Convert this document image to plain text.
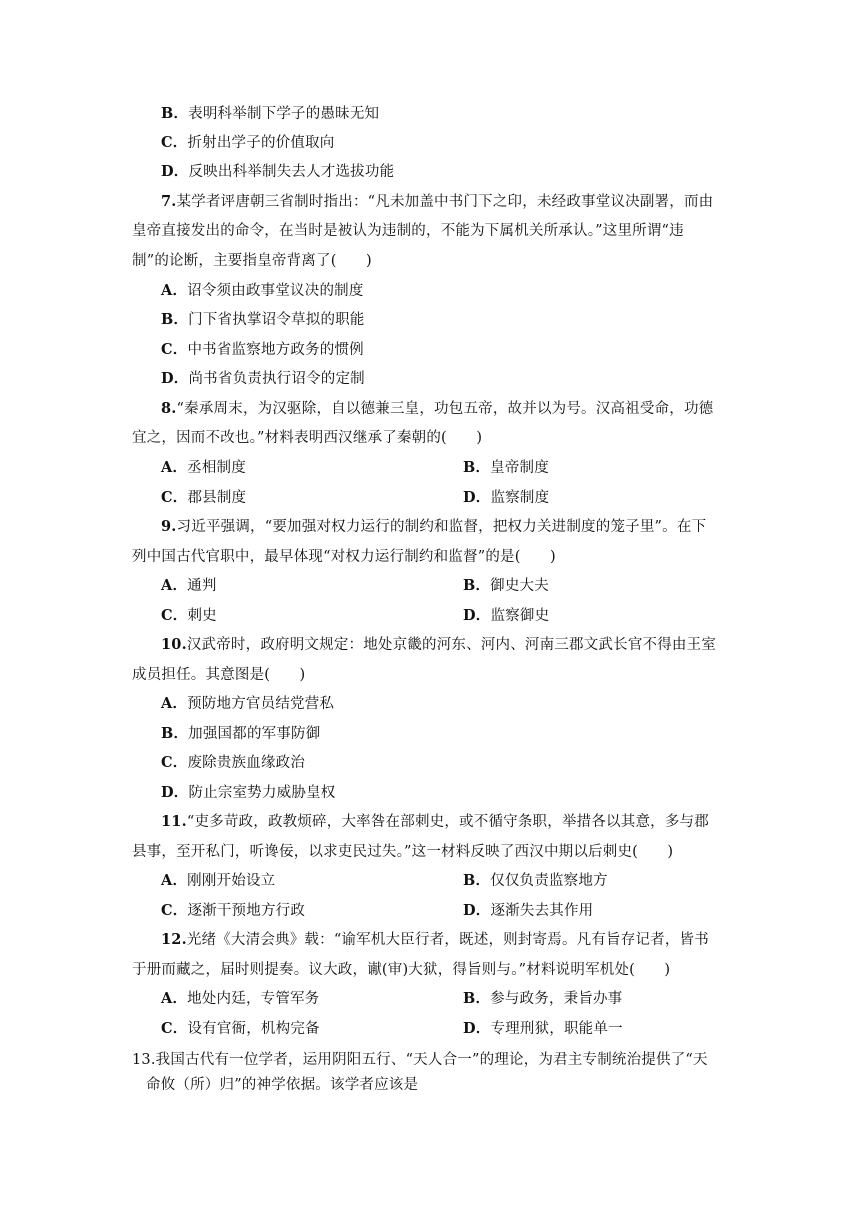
B．表明科举制下学子的愚昧无知
C．折射出学子的价值取向
D．反映出科举制失去人才选拔功能
7.某学者评唐朝三省制时指出：“凡未加盖中书门下之印，未经政事堂议决副署，而由
皇帝直接发出的命令，在当时是被认为违制的，不能为下属机关所承认。”这里所谓“违
制”的论断，主要指皇帝背离了(　　)
A．诏令须由政事堂议决的制度
B．门下省执掌诏令草拟的职能
C．中书省监察地方政务的惯例
D．尚书省负责执行诏令的定制
8.“秦承周末，为汉驱除，自以德兼三皇，功包五帝，故并以为号。汉高祖受命，功德
宜之，因而不改也。”材料表明西汉继承了秦朝的(　　)
A．丞相制度	B．皇帝制度
C．郡县制度	D．监察制度
9.习近平强调，“要加强对权力运行的制约和监督，把权力关进制度的笼子里”。在下
列中国古代官职中，最早体现“对权力运行制约和监督”的是(　　)
A．通判	B．御史大夫
C．刺史	D．监察御史
10.汉武帝时，政府明文规定：地处京畿的河东、河内、河南三郡文武长官不得由王室
成员担任。其意图是(　　)
A．预防地方官员结党营私
B．加强国都的军事防御
C．废除贵族血缘政治
D．防止宗室势力威胁皇权
11.“吏多苛政，政教烦碎，大率咎在部刺史，或不循守条职，举措各以其意，多与郡
县事，至开私门，听谗佞，以求吏民过失。”这一材料反映了西汉中期以后刺史(　　)
A．刚刚开始设立	B．仅仅负责监察地方
C．逐渐干预地方行政	D．逐渐失去其作用
12.光绪《大清会典》载：“谕军机大臣行者，既述，则封寄焉。凡有旨存记者，皆书
于册而藏之，届时则提奏。议大政，谳(审)大狱，得旨则与。”材料说明军机处(　　)
A．地处内廷，专管军务	B．参与政务，秉旨办事
C．设有官衙，机构完备	D．专理刑狱，职能单一
13.我国古代有一位学者，运用阴阳五行、“天人合一”的理论，为君主专制统治提供了“天
命攸（所）归”的神学依据。该学者应该是
